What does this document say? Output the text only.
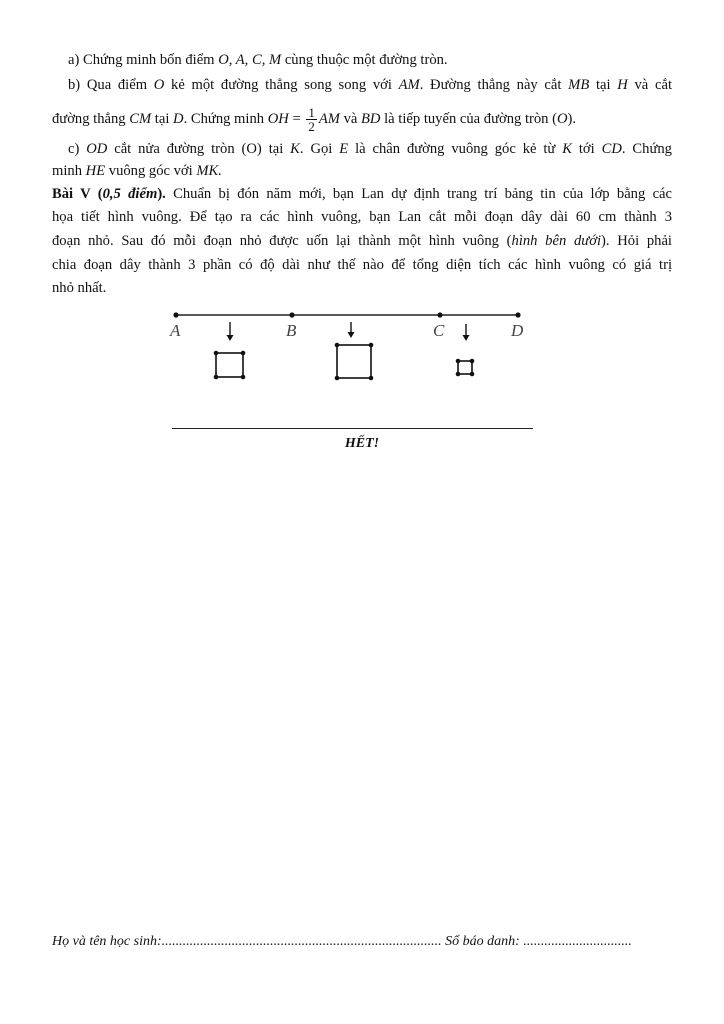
a) Chứng minh bốn điểm O, A, C, M cùng thuộc một đường tròn.
b) Qua điểm O kẻ một đường thẳng song song với AM. Đường thẳng này cắt MB tại H và cắt
đường thẳng CM tại D. Chứng minh OH = $\frac{1}{2}$ AM và BD là tiếp tuyến của đường tròn (O).
c) OD cắt nửa đường tròn (O) tại K. Gọi E là chân đường vuông góc kẻ từ K tới CD. Chứng
minh HE vuông góc với MK.
Bài V (0,5 điểm). Chuẩn bị đón năm mới, bạn Lan dự định trang trí bảng tin của lớp bằng các
họa tiết hình vuông. Để tạo ra các hình vuông, bạn Lan cắt mỗi đoạn dây dài 60 cm thành 3
đoạn nhỏ. Sau đó mỗi đoạn nhỏ được uốn lại thành một hình vuông (hình bên dưới). Hỏi phải
chia đoạn dây thành 3 phần có độ dài như thế nào để tổng diện tích các hình vuông có giá trị
nhỏ nhất.
A	B	C	D
HẾT!
Họ và tên học sinh:................................................................................ Số báo danh: ...............................
